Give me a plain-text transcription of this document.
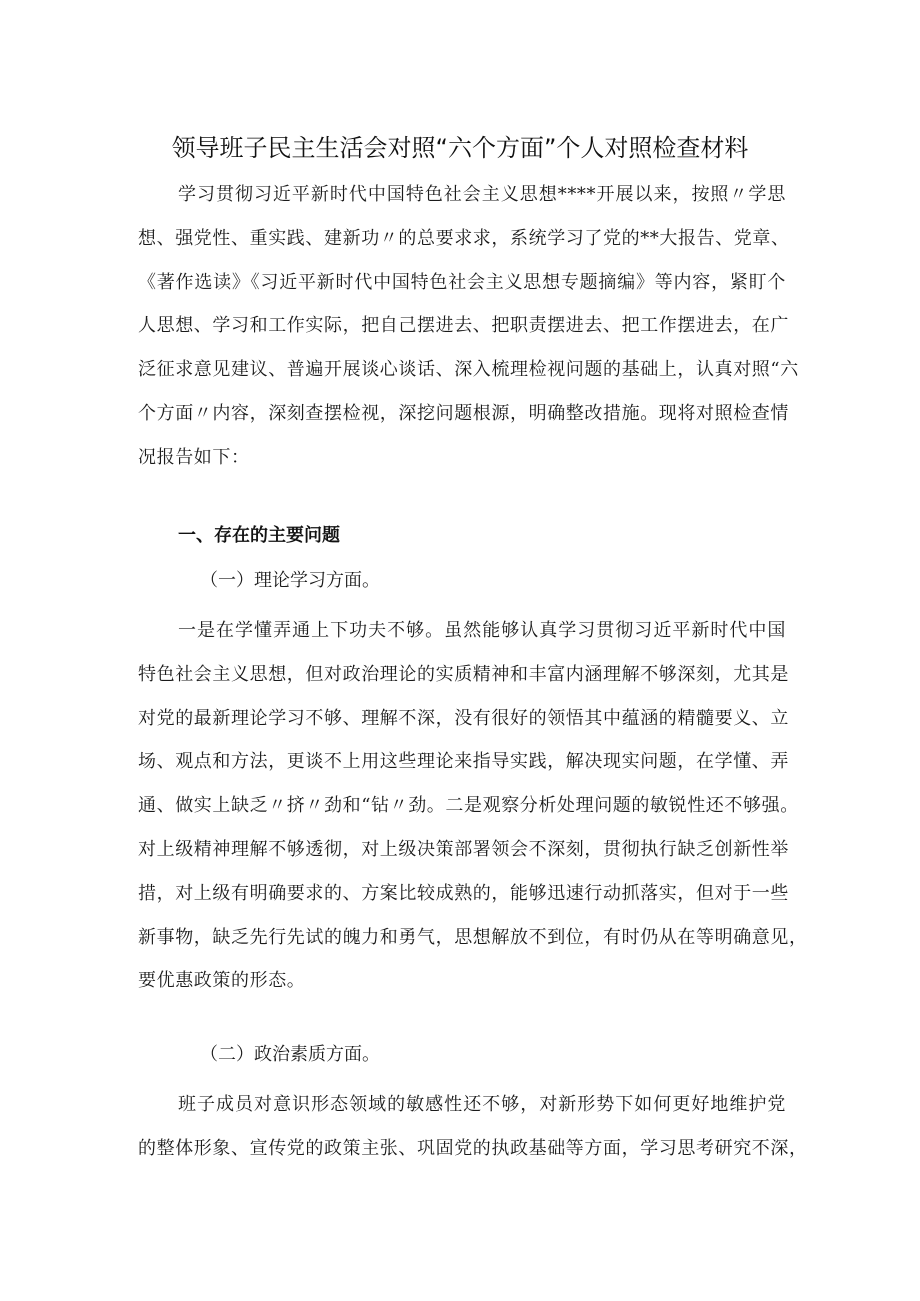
领导班子民主生活会对照“六个方面”个人对照检查材料
学习贯彻习近平新时代中国特色社会主义思想****开展以来，按照〃学思
想、强党性、重实践、建新功〃的总要求求，系统学习了党的**大报告、党章、
《著作选读》《习近平新时代中国特色社会主义思想专题摘编》等内容，紧盯个
人思想、学习和工作实际，把自己摆进去、把职责摆进去、把工作摆进去，在广
泛征求意见建议、普遍开展谈心谈话、深入梳理检视问题的基础上，认真对照“六
个方面〃内容，深刻查摆检视，深挖问题根源，明确整改措施。现将对照检查情
况报告如下：
一、存在的主要问题
（一）理论学习方面。
一是在学懂弄通上下功夫不够。虽然能够认真学习贯彻习近平新时代中国
特色社会主义思想，但对政治理论的实质精神和丰富内涵理解不够深刻，尤其是
对党的最新理论学习不够、理解不深，没有很好的领悟其中蕴涵的精髓要义、立
场、观点和方法，更谈不上用这些理论来指导实践，解决现实问题，在学懂、弄
通、做实上缺乏〃挤〃劲和“钻〃劲。二是观察分析处理问题的敏锐性还不够强。
对上级精神理解不够透彻，对上级决策部署领会不深刻，贯彻执行缺乏创新性举
措，对上级有明确要求的、方案比较成熟的，能够迅速行动抓落实，但对于一些
新事物，缺乏先行先试的魄力和勇气，思想解放不到位，有时仍从在等明确意见，
要优惠政策的形态。
（二）政治素质方面。
班子成员对意识形态领域的敏感性还不够，对新形势下如何更好地维护党
的整体形象、宣传党的政策主张、巩固党的执政基础等方面，学习思考研究不深，
